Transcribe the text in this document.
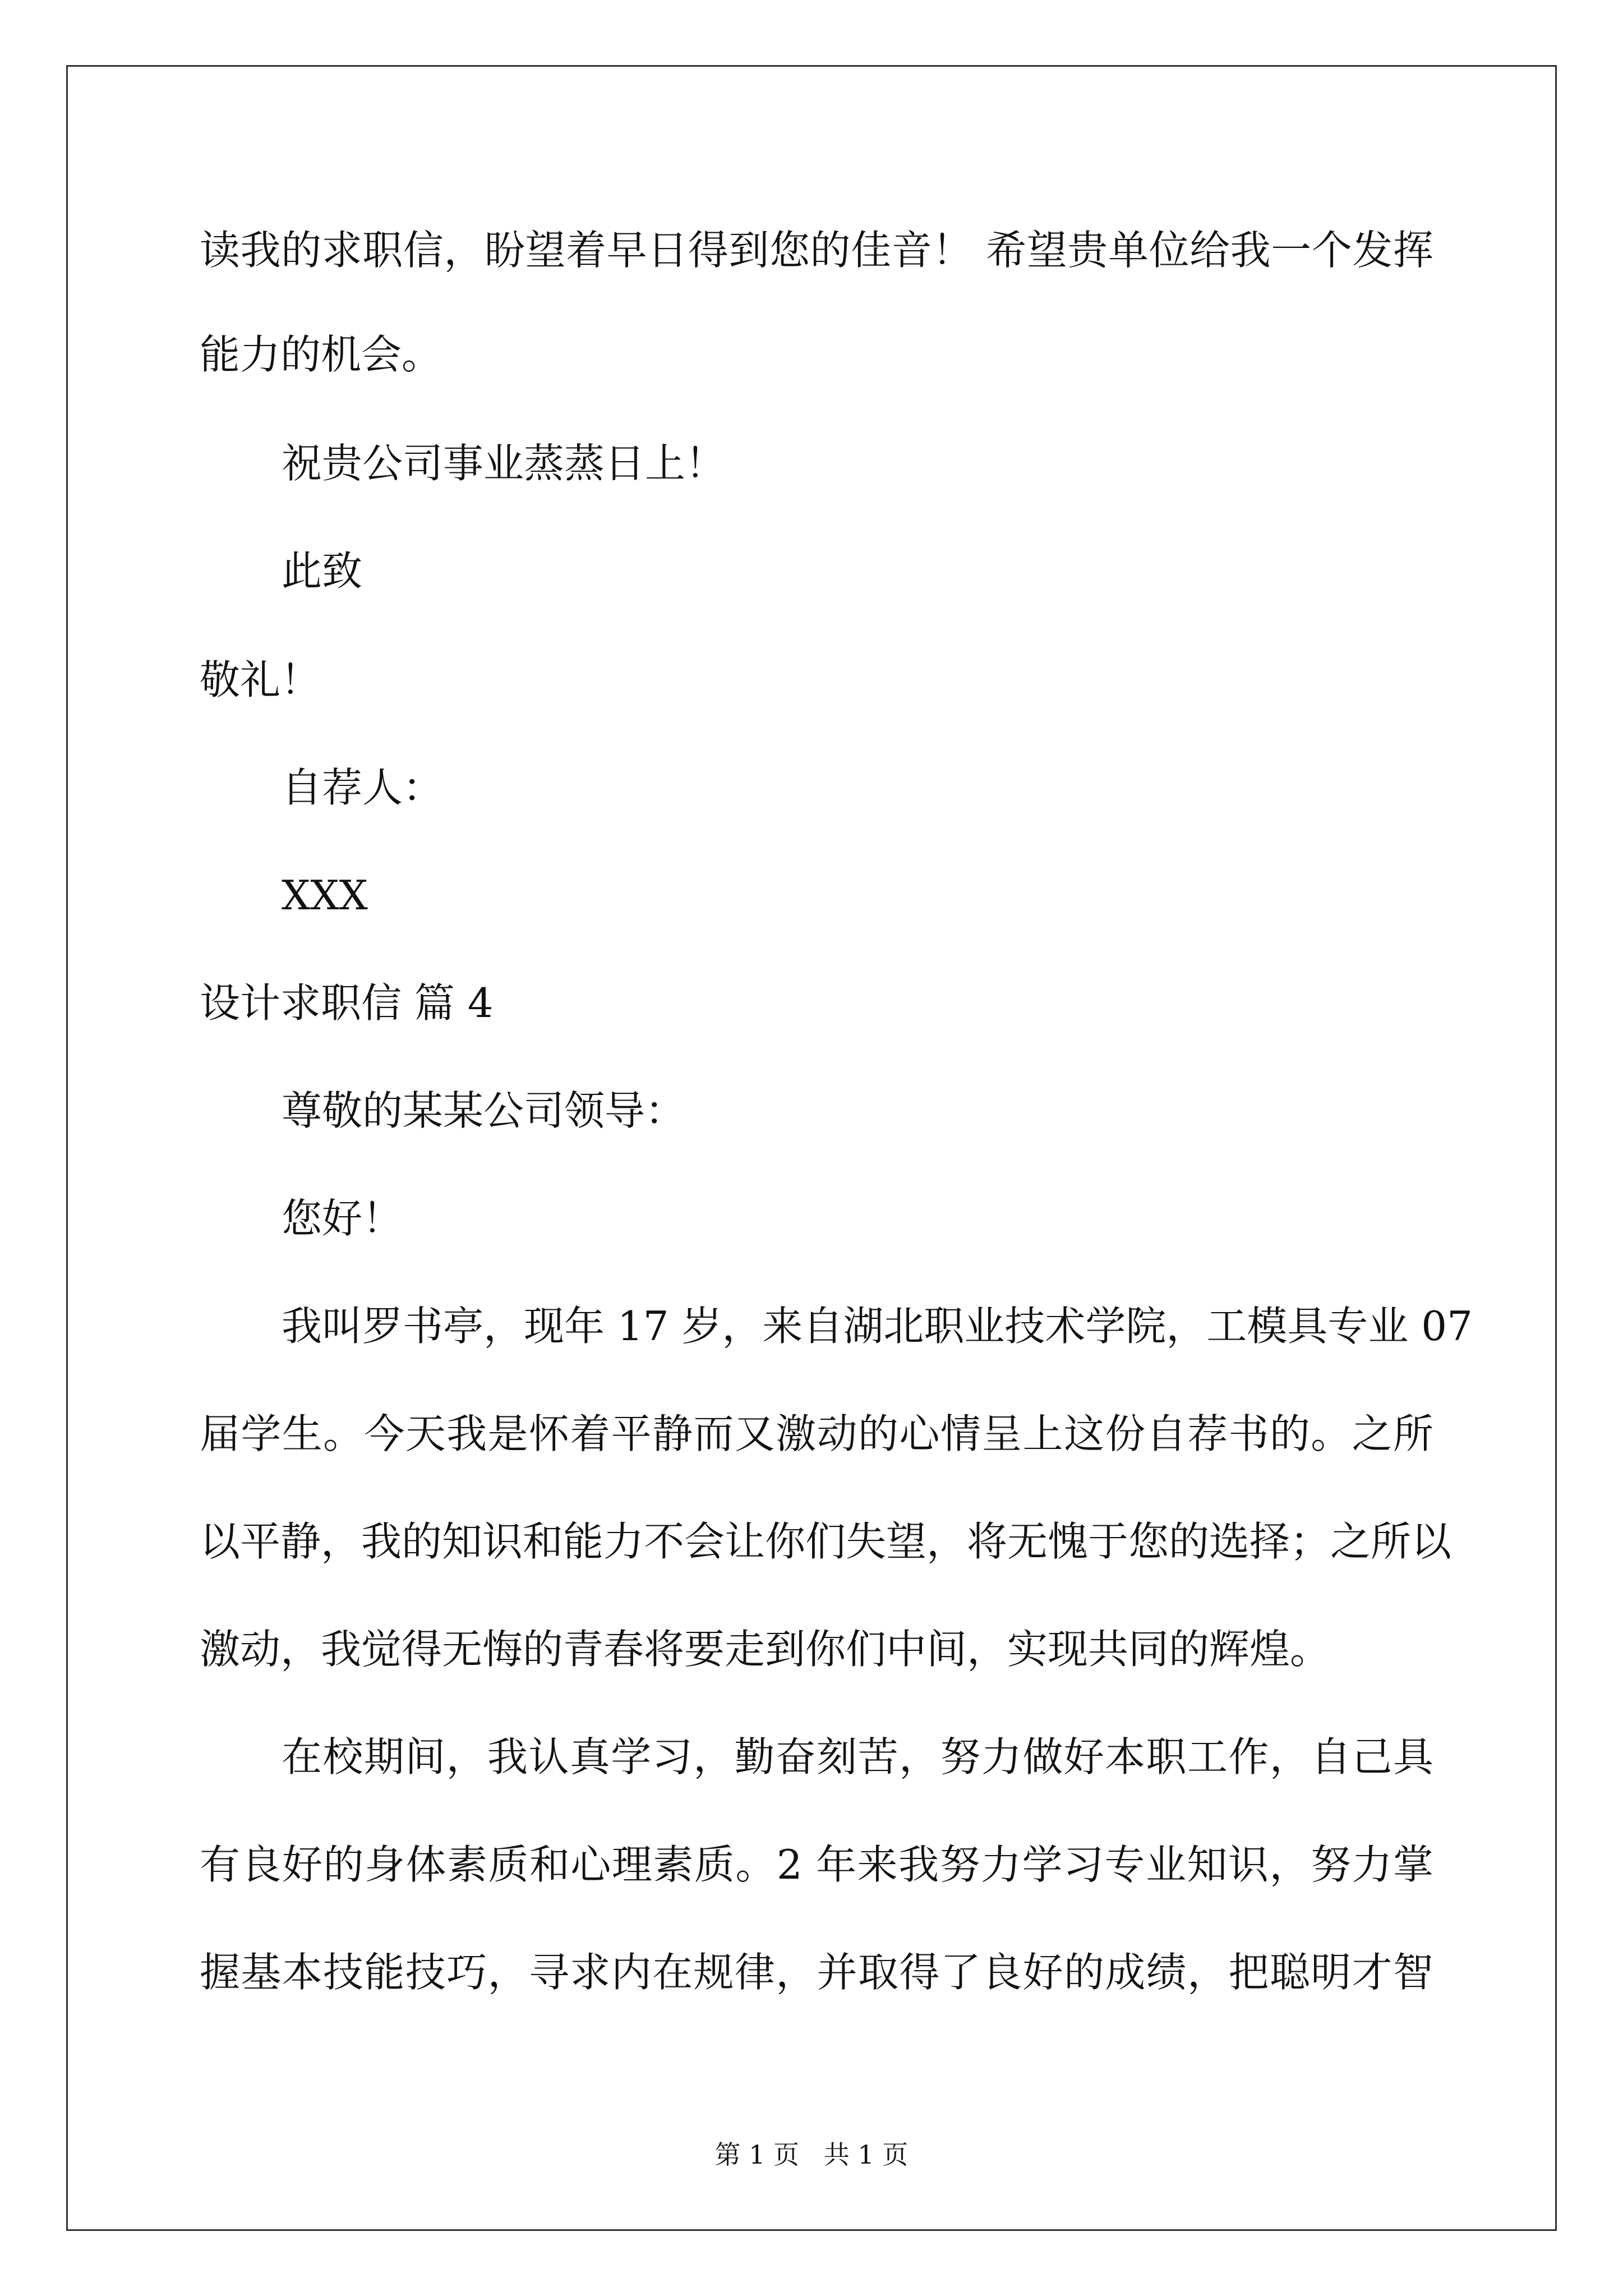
读我的求职信，盼望着早日得到您的佳音！ 希望贵单位给我一个发挥
能力的机会。
祝贵公司事业蒸蒸日上！
此致
敬礼！
自荐人：
XXX
设计求职信 篇 4
尊敬的某某公司领导：
您好！
我叫罗书亭，现年 17 岁，来自湖北职业技术学院，工模具专业 07
届学生。今天我是怀着平静而又激动的心情呈上这份自荐书的。之所
以平静，我的知识和能力不会让你们失望，将无愧于您的选择；之所以
激动，我觉得无悔的青春将要走到你们中间，实现共同的辉煌。
在校期间，我认真学习，勤奋刻苦，努力做好本职工作，自己具
有良好的身体素质和心理素质。2 年来我努力学习专业知识，努力掌
握基本技能技巧，寻求内在规律，并取得了良好的成绩，把聪明才智
第 1 页   共 1 页
